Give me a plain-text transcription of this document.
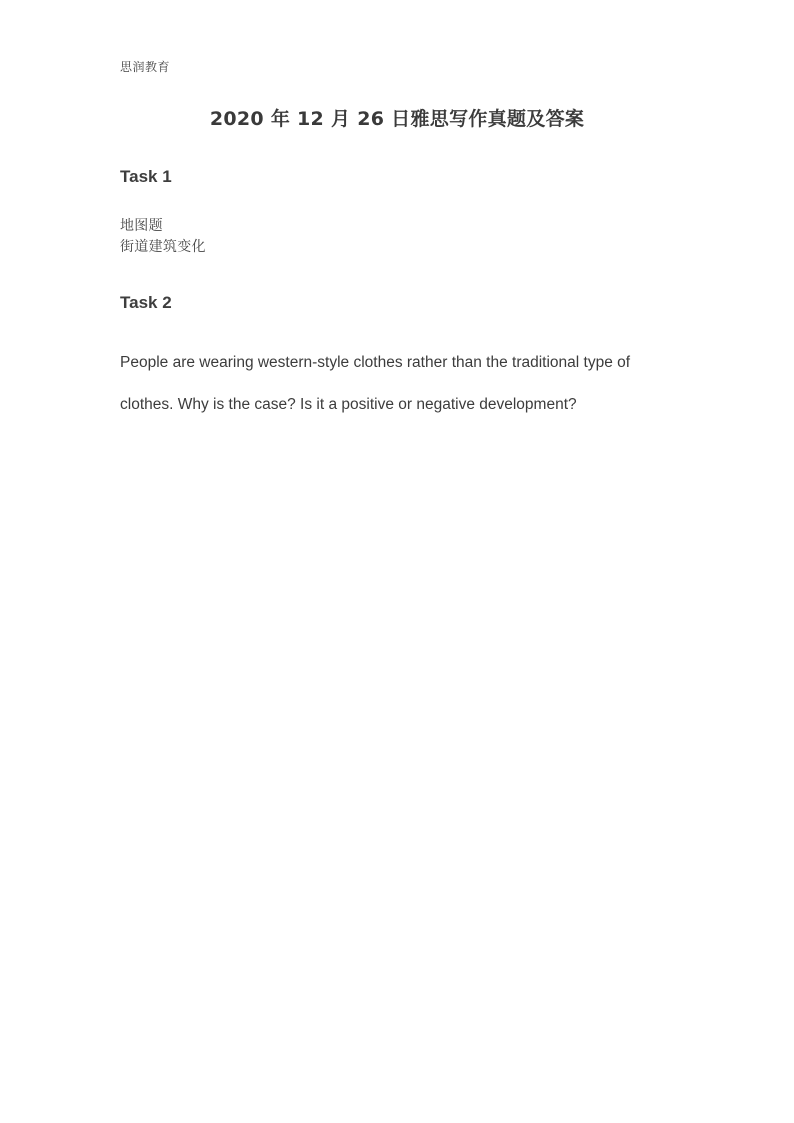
思润教育
2020 年 12 月 26 日雅思写作真题及答案
Task 1
地图题
街道建筑变化
Task 2
People are wearing western-style clothes rather than the traditional type of
clothes. Why is the case? Is it a positive or negative development?
